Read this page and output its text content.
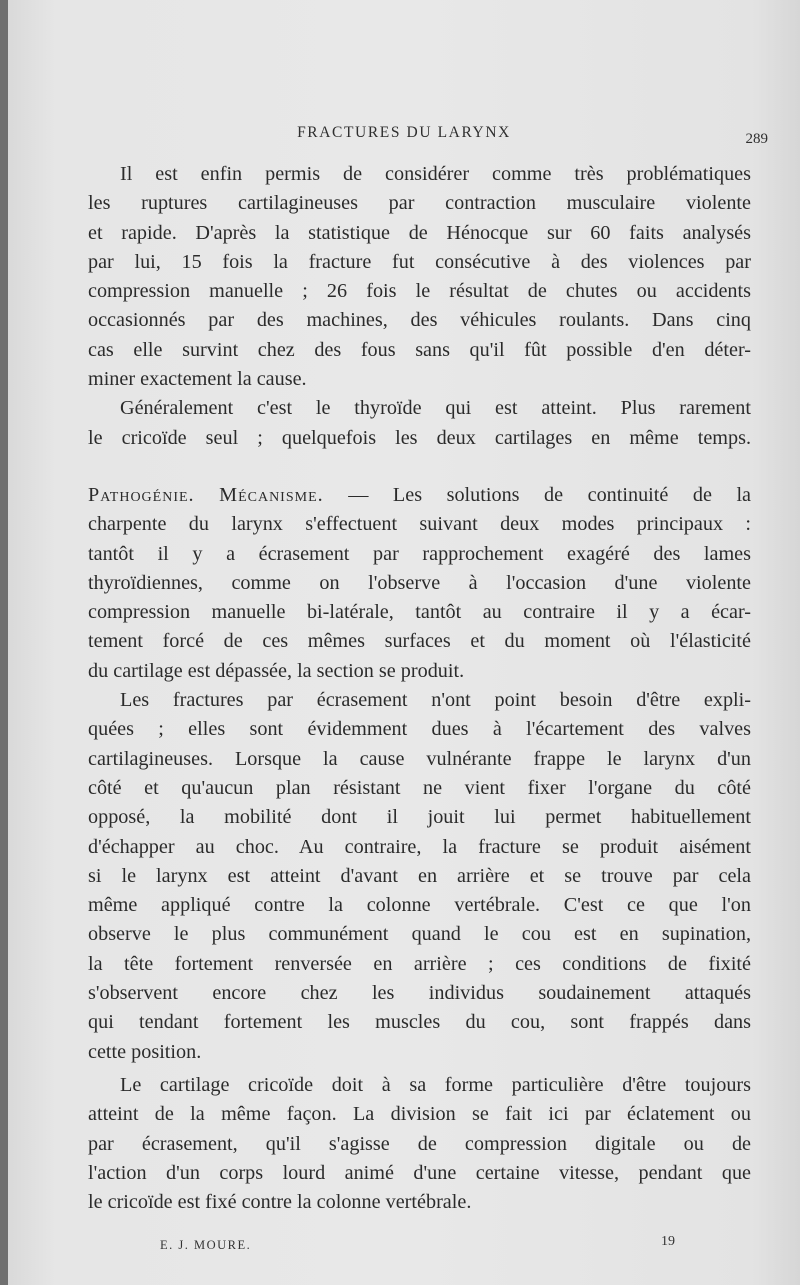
FRACTURES DU LARYNX	289
Il est enfin permis de considérer comme très problématiques
les ruptures cartilagineuses par contraction musculaire violente
et rapide. D'après la statistique de Hénocque sur 60 faits analysés
par lui, 15 fois la fracture fut consécutive à des violences par
compression manuelle ; 26 fois le résultat de chutes ou accidents
occasionnés par des machines, des véhicules roulants. Dans cinq
cas elle survint chez des fous sans qu'il fût possible d'en déter-
miner exactement la cause.
Généralement c'est le thyroïde qui est atteint. Plus rarement
le cricoïde seul ; quelquefois les deux cartilages en même temps.
Pathogénie. Mécanisme. — Les solutions de continuité de la
charpente du larynx s'effectuent suivant deux modes principaux :
tantôt il y a écrasement par rapprochement exagéré des lames
thyroïdiennes, comme on l'observe à l'occasion d'une violente
compression manuelle bi-latérale, tantôt au contraire il y a écar-
tement forcé de ces mêmes surfaces et du moment où l'élasticité
du cartilage est dépassée, la section se produit.
Les fractures par écrasement n'ont point besoin d'être expli-
quées ; elles sont évidemment dues à l'écartement des valves
cartilagineuses. Lorsque la cause vulnérante frappe le larynx d'un
côté et qu'aucun plan résistant ne vient fixer l'organe du côté
opposé, la mobilité dont il jouit lui permet habituellement
d'échapper au choc. Au contraire, la fracture se produit aisément
si le larynx est atteint d'avant en arrière et se trouve par cela
même appliqué contre la colonne vertébrale. C'est ce que l'on
observe le plus communément quand le cou est en supination,
la tête fortement renversée en arrière ; ces conditions de fixité
s'observent encore chez les individus soudainement attaqués
qui tendant fortement les muscles du cou, sont frappés dans
cette position.
Le cartilage cricoïde doit à sa forme particulière d'être toujours
atteint de la même façon. La division se fait ici par éclatement ou
par écrasement, qu'il s'agisse de compression digitale ou de
l'action d'un corps lourd animé d'une certaine vitesse, pendant que
le cricoïde est fixé contre la colonne vertébrale.
E. J. MOURE.	19
